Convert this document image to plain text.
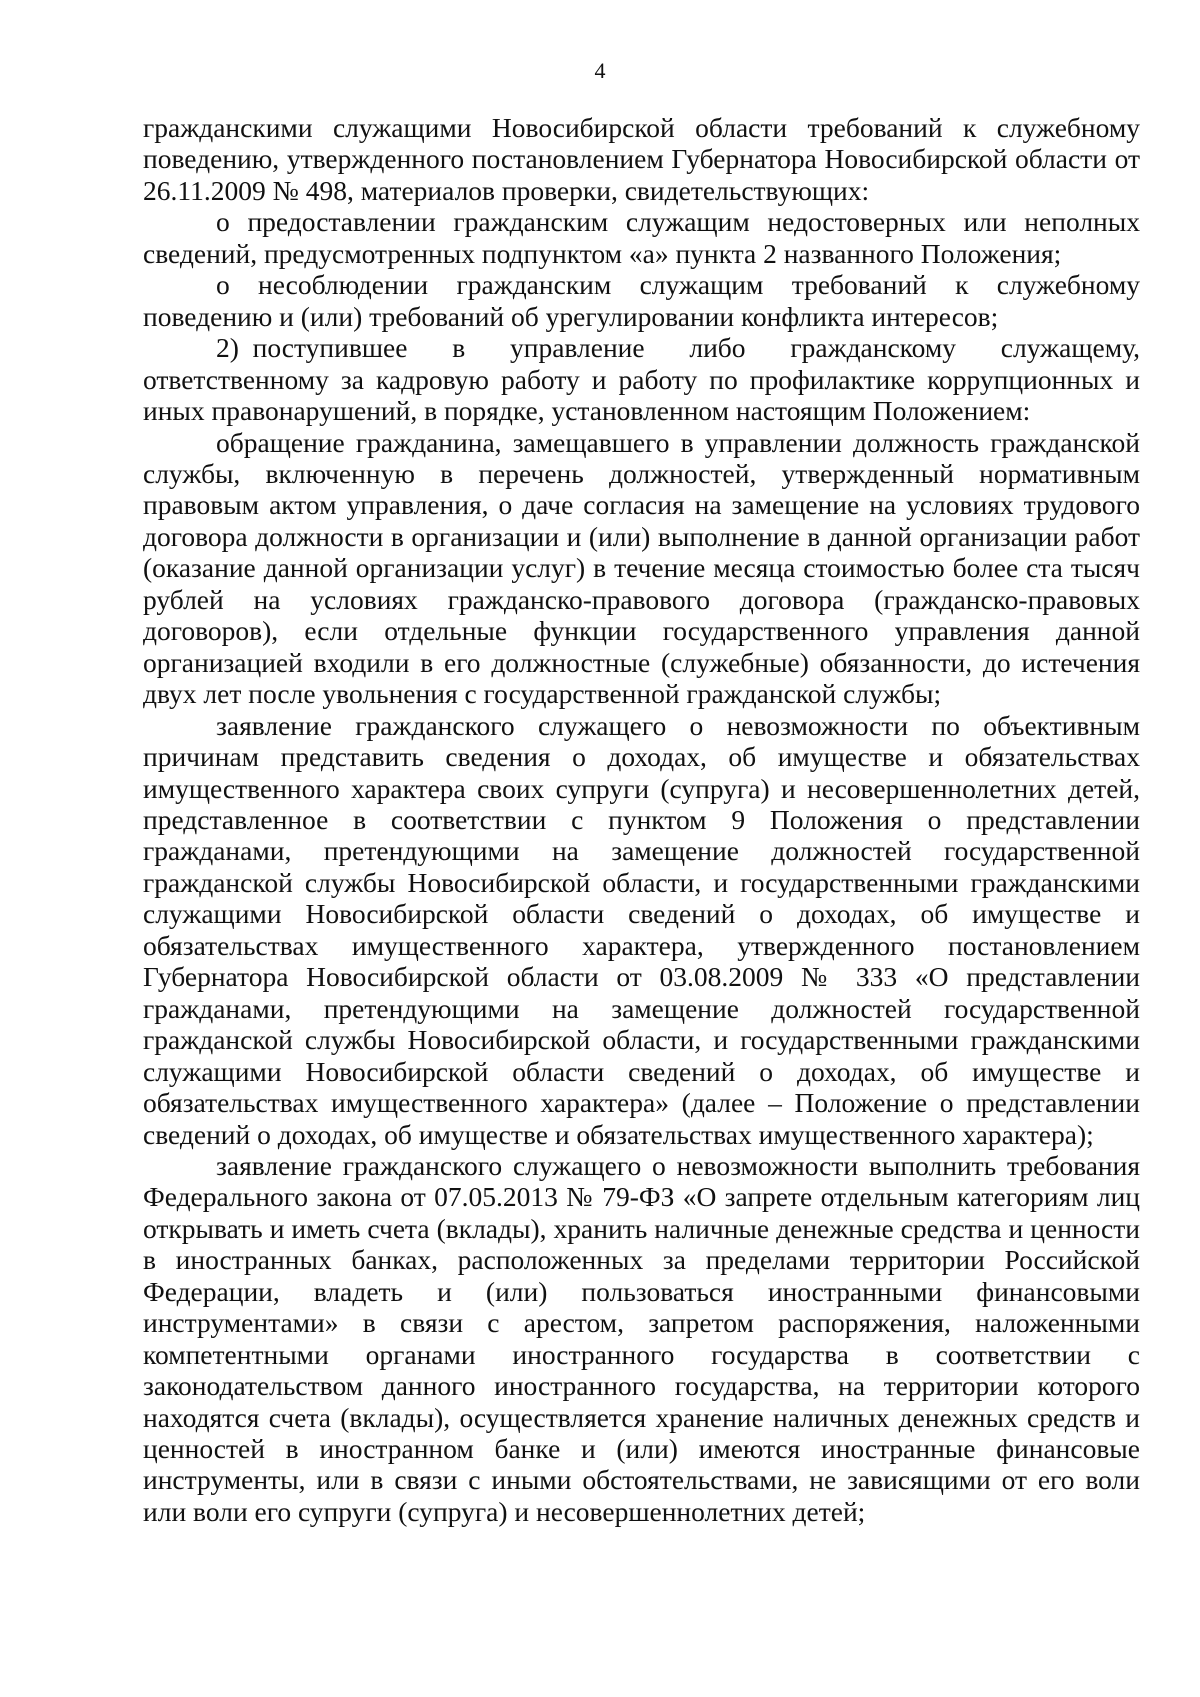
4

гражданскими служащими Новосибирской области требований к служебному поведению, утвержденного постановлением Губернатора Новосибирской области от 26.11.2009 № 498, материалов проверки, свидетельствующих:

о предоставлении гражданским служащим недостоверных или неполных сведений, предусмотренных подпунктом «а» пункта 2 названного Положения;

о несоблюдении гражданским служащим требований к служебному поведению и (или) требований об урегулировании конфликта интересов;

2) поступившее в управление либо гражданскому служащему, ответственному за кадровую работу и работу по профилактике коррупционных и иных правонарушений, в порядке, установленном настоящим Положением:

обращение гражданина, замещавшего в управлении должность гражданской службы, включенную в перечень должностей, утвержденный нормативным правовым актом управления, о даче согласия на замещение на условиях трудового договора должности в организации и (или) выполнение в данной организации работ (оказание данной организации услуг) в течение месяца стоимостью более ста тысяч рублей на условиях гражданско-правового договора (гражданско-правовых договоров), если отдельные функции государственного управления данной организацией входили в его должностные (служебные) обязанности, до истечения двух лет после увольнения с государственной гражданской службы;

заявление гражданского служащего о невозможности по объективным причинам представить сведения о доходах, об имуществе и обязательствах имущественного характера своих супруги (супруга) и несовершеннолетних детей, представленное в соответствии с пунктом 9 Положения о представлении гражданами, претендующими на замещение должностей государственной гражданской службы Новосибирской области, и государственными гражданскими служащими Новосибирской области сведений о доходах, об имуществе и обязательствах имущественного характера, утвержденного постановлением Губернатора Новосибирской области от 03.08.2009 № 333 «О представлении гражданами, претендующими на замещение должностей государственной гражданской службы Новосибирской области, и государственными гражданскими служащими Новосибирской области сведений о доходах, об имуществе и обязательствах имущественного характера» (далее – Положение о представлении сведений о доходах, об имуществе и обязательствах имущественного характера);

заявление гражданского служащего о невозможности выполнить требования Федерального закона от 07.05.2013 № 79-ФЗ «О запрете отдельным категориям лиц открывать и иметь счета (вклады), хранить наличные денежные средства и ценности в иностранных банках, расположенных за пределами территории Российской Федерации, владеть и (или) пользоваться иностранными финансовыми инструментами» в связи с арестом, запретом распоряжения, наложенными компетентными органами иностранного государства в соответствии с законодательством данного иностранного государства, на территории которого находятся счета (вклады), осуществляется хранение наличных денежных средств и ценностей в иностранном банке и (или) имеются иностранные финансовые инструменты, или в связи с иными обстоятельствами, не зависящими от его воли или воли его супруги (супруга) и несовершеннолетних детей;
